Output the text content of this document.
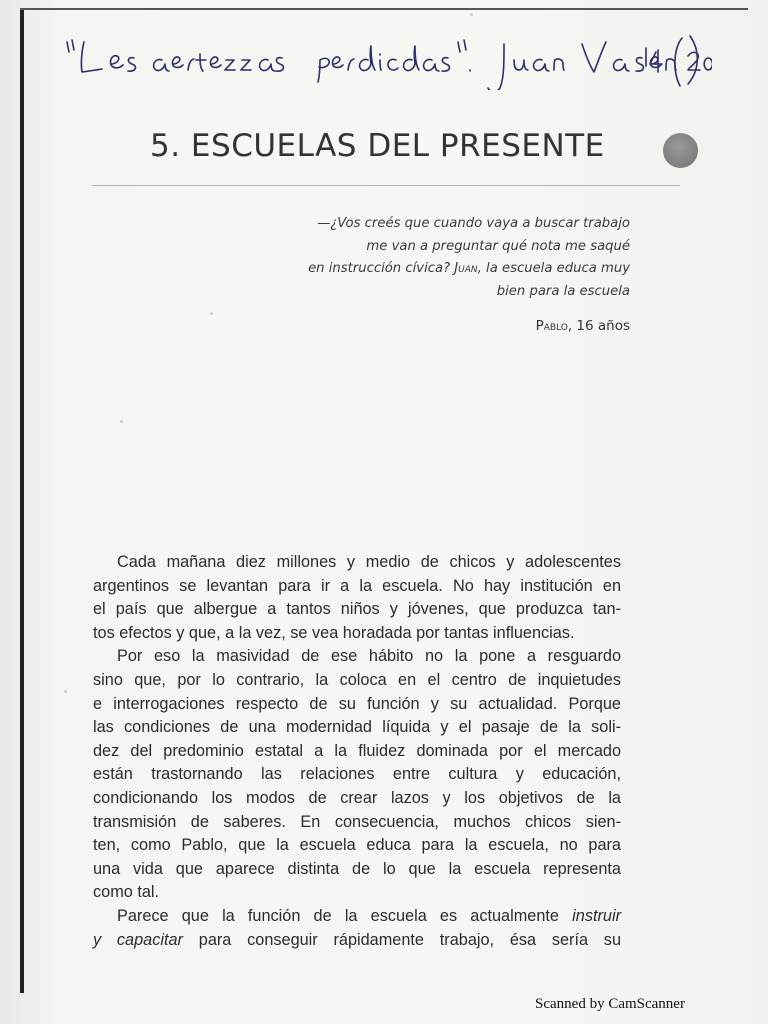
5. ESCUELAS DEL PRESENTE
—¿Vos creés que cuando vaya a buscar trabajo
me van a preguntar qué nota me saqué
en instrucción cívica? Juan, la escuela educa muy
bien para la escuela
Pablo, 16 años
Cada mañana diez millones y medio de chicos y adolescentes
argentinos se levantan para ir a la escuela. No hay institución en
el país que albergue a tantos niños y jóvenes, que produzca tan-
tos efectos y que, a la vez, se vea horadada por tantas influencias.
Por eso la masividad de ese hábito no la pone a resguardo
sino que, por lo contrario, la coloca en el centro de inquietudes
e interrogaciones respecto de su función y su actualidad. Porque
las condiciones de una modernidad líquida y el pasaje de la soli-
dez del predominio estatal a la fluidez dominada por el mercado
están trastornando las relaciones entre cultura y educación,
condicionando los modos de crear lazos y los objetivos de la
transmisión de saberes. En consecuencia, muchos chicos sien-
ten, como Pablo, que la escuela educa para la escuela, no para
una vida que aparece distinta de lo que la escuela representa
como tal.
Parece que la función de la escuela es actualmente instruir
y capacitar para conseguir rápidamente trabajo, ésa sería su
Scanned by CamScanner
